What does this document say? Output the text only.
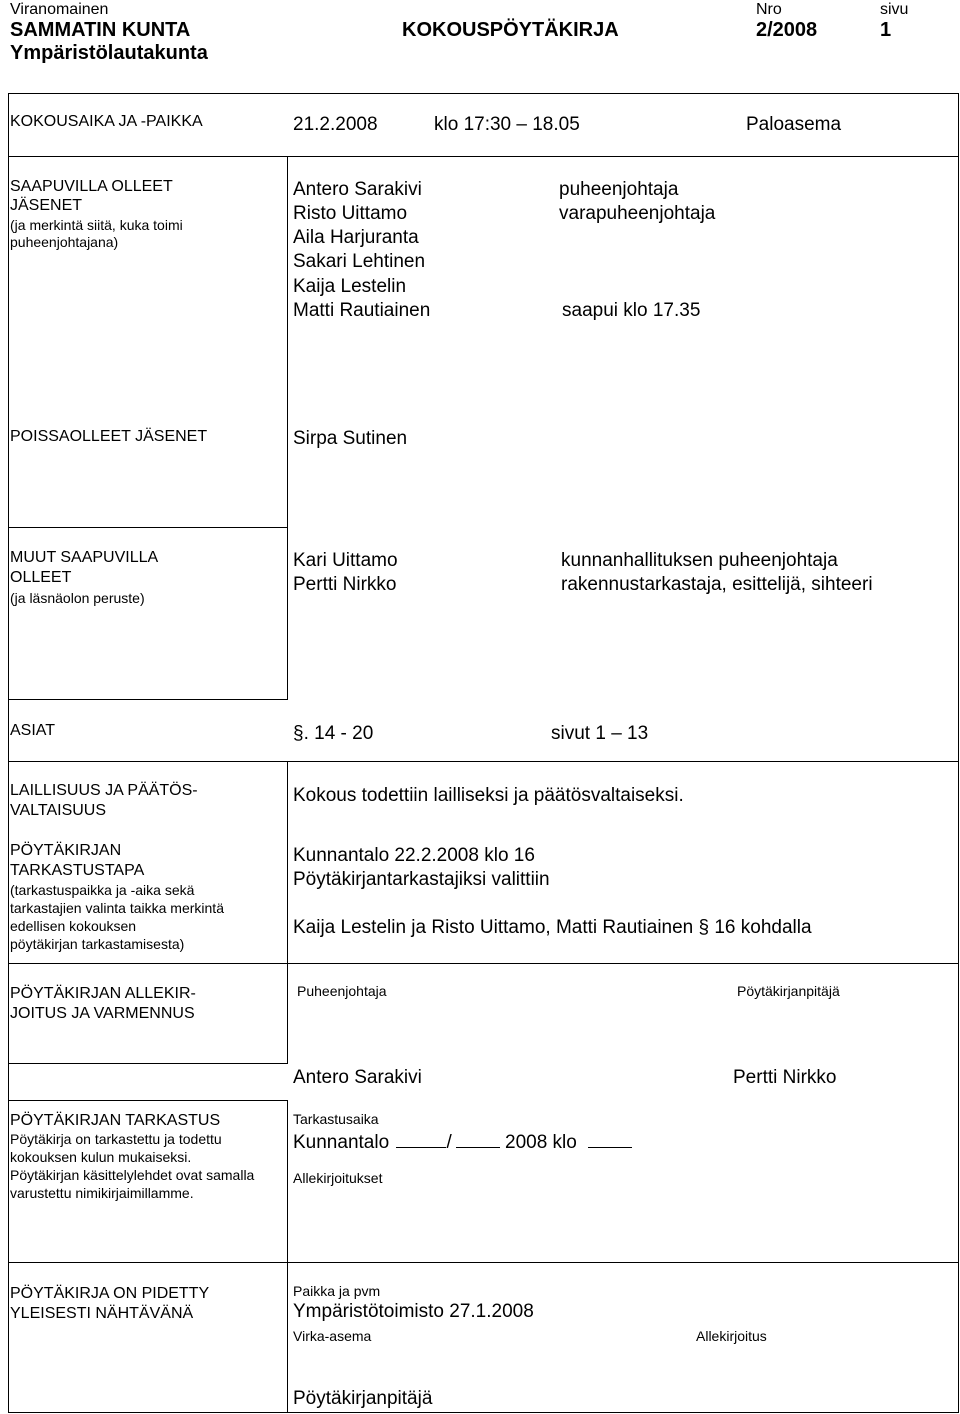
Viranomainen
SAMMATIN KUNTA
Ympäristölautakunta
KOKOUSPÖYTÄKIRJA
Nro
2/2008
sivu
1
KOKOUSAIKA JA -PAIKKA	21.2.2008	klo 17:30 – 18.05	Paloasema
SAAPUVILLA OLLEET
JÄSENET
(ja merkintä siitä, kuka toimi
puheenjohtajana)
Antero Sarakivi	puheenjohtaja
Risto Uittamo	varapuheenjohtaja
Aila Harjuranta
Sakari Lehtinen
Kaija Lestelin
Matti Rautiainen	saapui klo 17.35
POISSAOLLEET JÄSENET	Sirpa Sutinen
MUUT SAAPUVILLA
OLLEET
(ja läsnäolon peruste)
Kari Uittamo	kunnanhallituksen puheenjohtaja
Pertti Nirkko	rakennustarkastaja, esittelijä, sihteeri
ASIAT	§. 14 - 20	sivut 1 – 13
LAILLISUUS JA PÄÄTÖS-
VALTAISUUS
Kokous todettiin lailliseksi ja päätösvaltaiseksi.
PÖYTÄKIRJAN
TARKASTUSTAPA
(tarkastuspaikka ja -aika sekä
tarkastajien valinta taikka merkintä
edellisen kokouksen
pöytäkirjan tarkastamisesta)
Kunnantalo 22.2.2008 klo 16
Pöytäkirjantarkastajiksi valittiin
Kaija Lestelin ja Risto Uittamo, Matti Rautiainen § 16 kohdalla
PÖYTÄKIRJAN ALLEKIR-
JOITUS JA VARMENNUS
Puheenjohtaja	Pöytäkirjanpitäjä
Antero Sarakivi	Pertti Nirkko
PÖYTÄKIRJAN TARKASTUS
Pöytäkirja on tarkastettu ja todettu
kokouksen kulun mukaiseksi.
Pöytäkirjan käsittelylehdet ovat samalla
varustettu nimikirjaimillamme.
Tarkastusaika
Kunnantalo	/	2008 klo
Allekirjoitukset
PÖYTÄKIRJA ON PIDETTY
YLEISESTI NÄHTÄVÄNÄ
Paikka ja pvm
Ympäristötoimisto 27.1.2008
Virka-asema	Allekirjoitus
Pöytäkirjanpitäjä
